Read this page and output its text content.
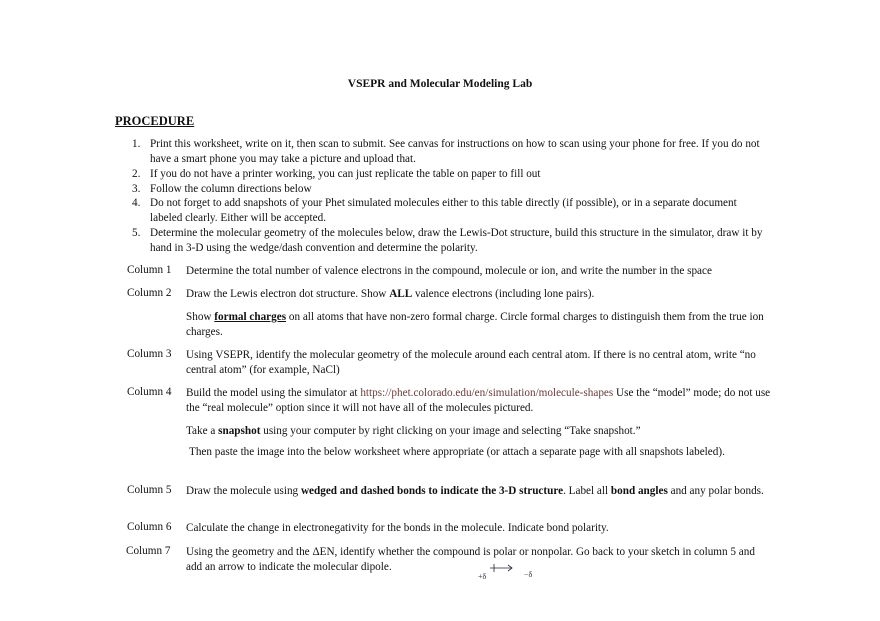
VSEPR and Molecular Modeling Lab
PROCEDURE
1. Print this worksheet, write on it, then scan to submit. See canvas for instructions on how to scan using your phone for free. If you do not have a smart phone you may take a picture and upload that.
2. If you do not have a printer working, you can just replicate the table on paper to fill out
3. Follow the column directions below
4. Do not forget to add snapshots of your Phet simulated molecules either to this table directly (if possible), or in a separate document labeled clearly. Either will be accepted.
5. Determine the molecular geometry of the molecules below, draw the Lewis-Dot structure, build this structure in the simulator, draw it by hand in 3-D using the wedge/dash convention and determine the polarity.
Column 1 Determine the total number of valence electrons in the compound, molecule or ion, and write the number in the space
Column 2 Draw the Lewis electron dot structure. Show ALL valence electrons (including lone pairs).
Show formal charges on all atoms that have non-zero formal charge. Circle formal charges to distinguish them from the true ion charges.
Column 3 Using VSEPR, identify the molecular geometry of the molecule around each central atom. If there is no central atom, write “no central atom” (for example, NaCl)
Column 4 Build the model using the simulator at https://phet.colorado.edu/en/simulation/molecule-shapes Use the “model” mode; do not use the “real molecule” option since it will not have all of the molecules pictured.
Take a snapshot using your computer by right clicking on your image and selecting “Take snapshot.”
Then paste the image into the below worksheet where appropriate (or attach a separate page with all snapshots labeled).
Column 5 Draw the molecule using wedged and dashed bonds to indicate the 3-D structure. Label all bond angles and any polar bonds.
Column 6 Calculate the change in electronegativity for the bonds in the molecule. Indicate bond polarity.
Column 7 Using the geometry and the ΔEN, identify whether the compound is polar or nonpolar. Go back to your sketch in column 5 and add an arrow to indicate the molecular dipole.
+δ	−δ
